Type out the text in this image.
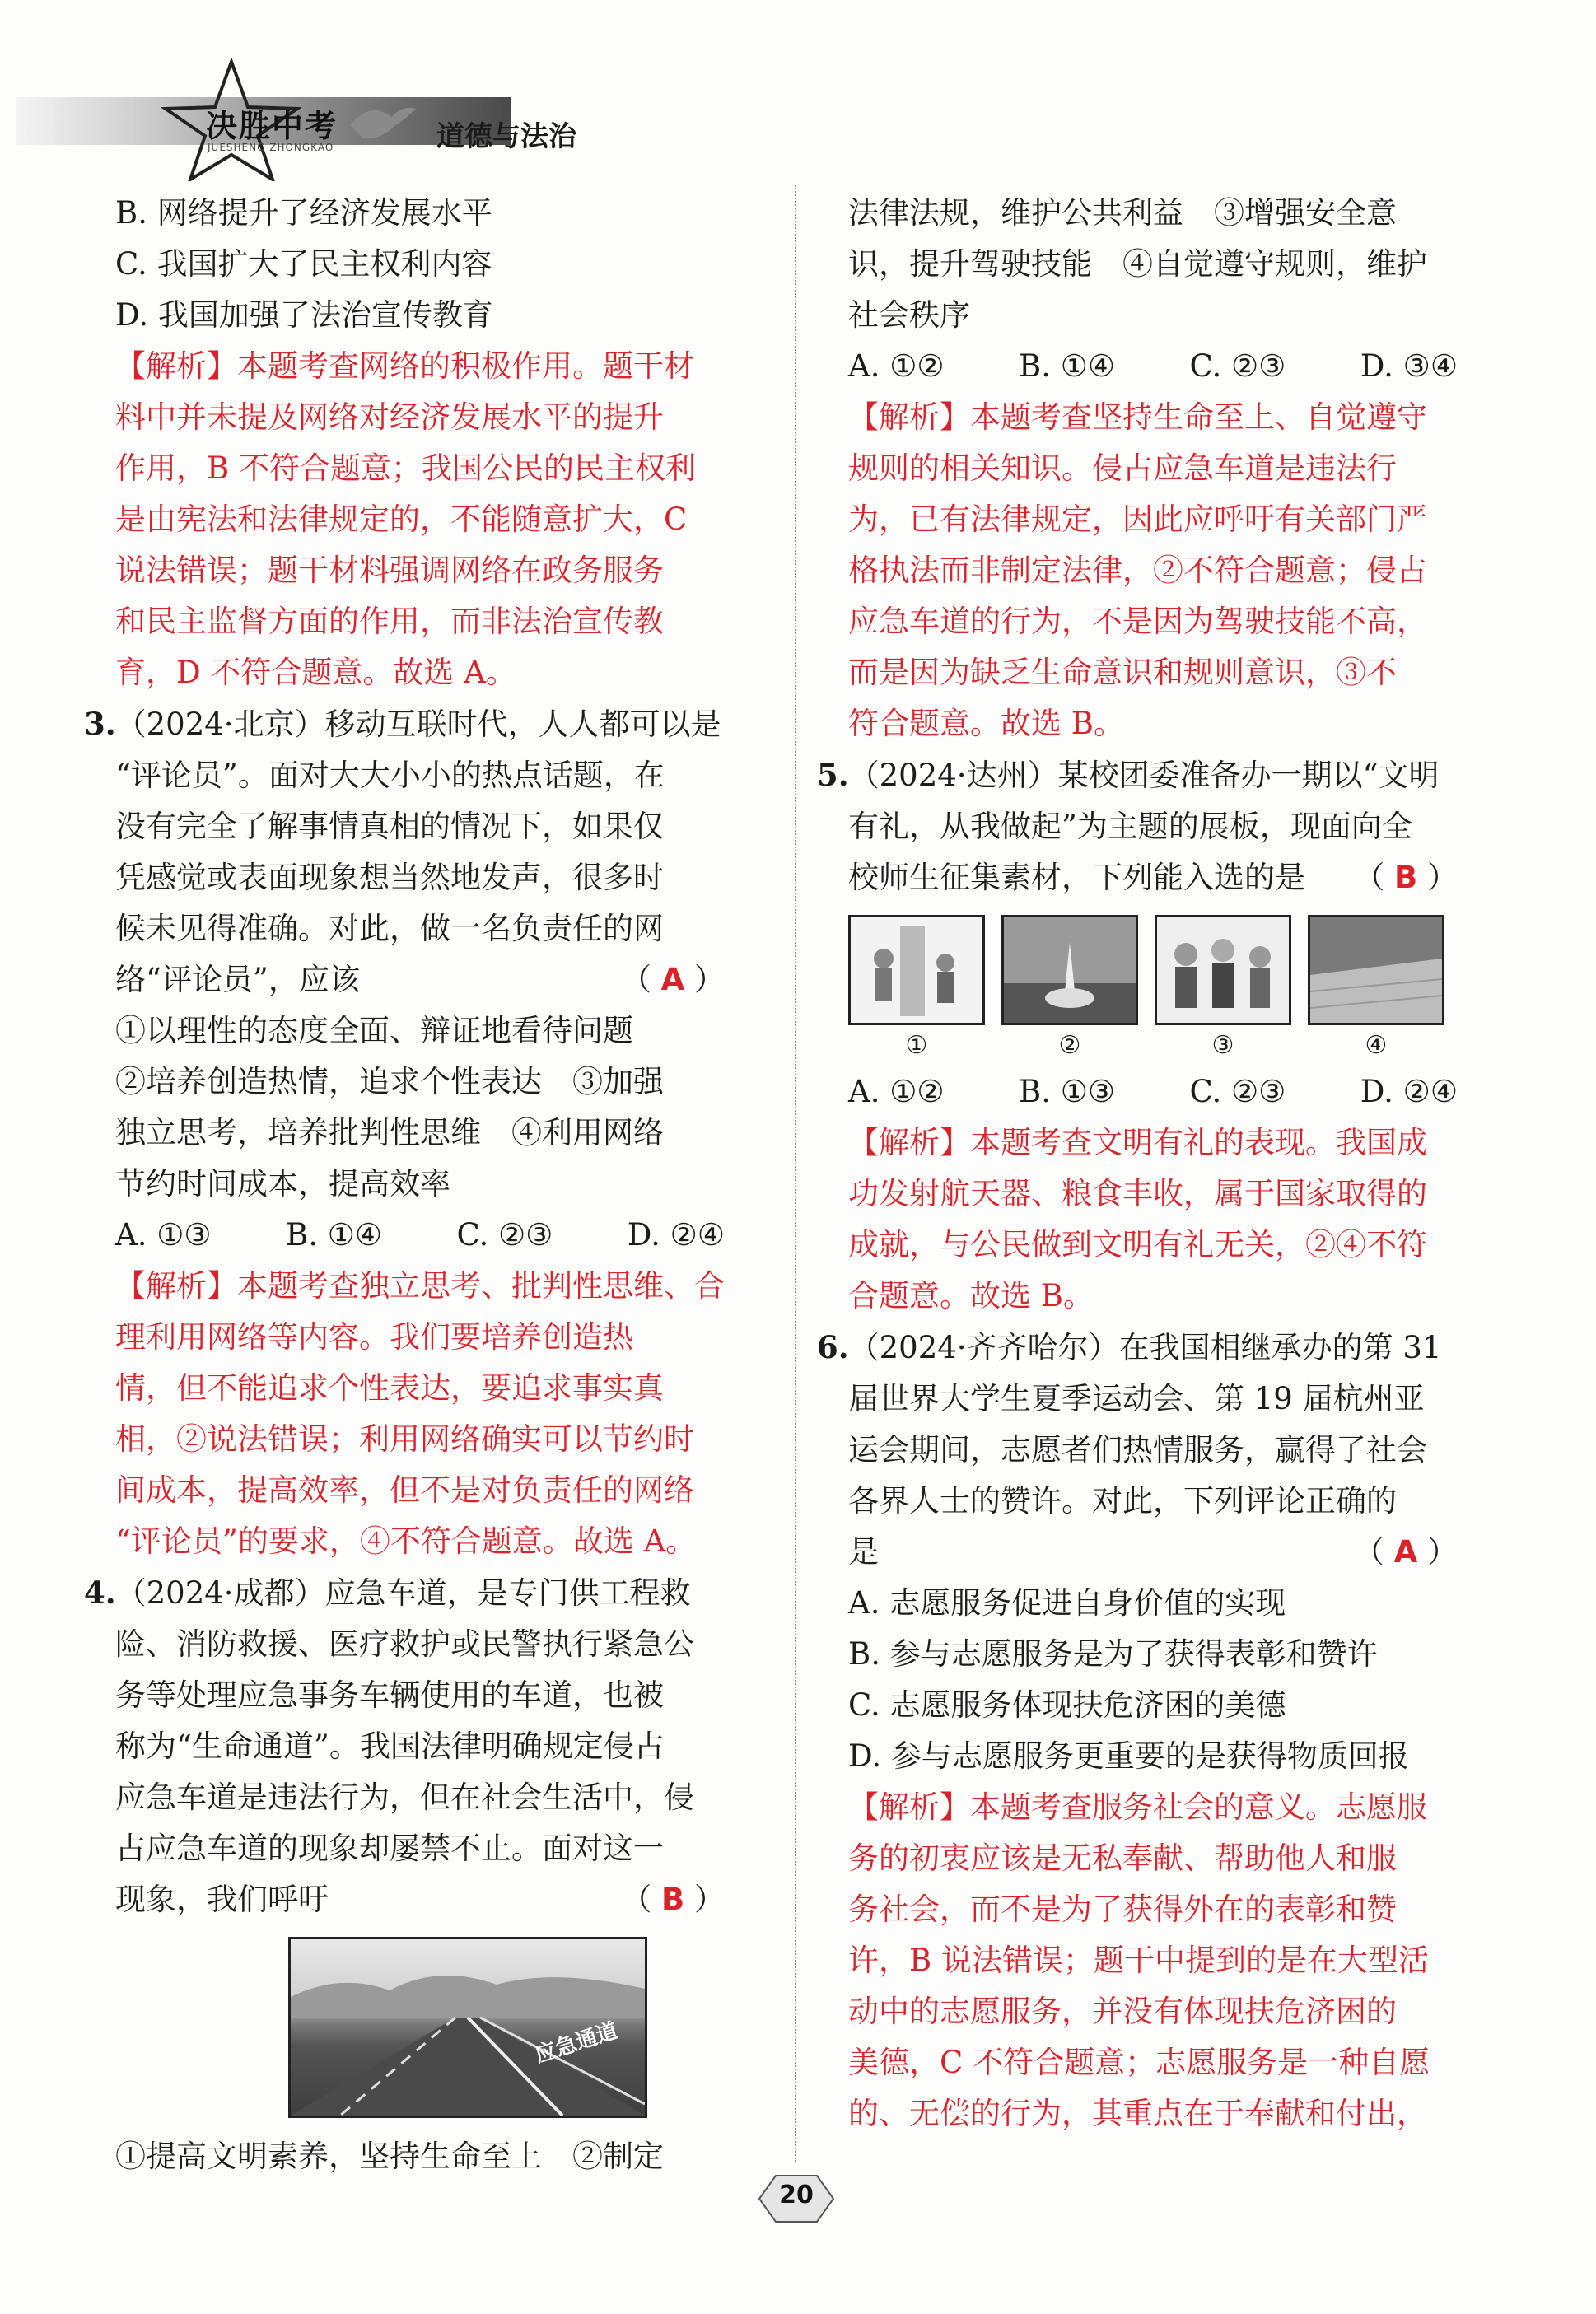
决胜中考
JUESHENG ZHONGKAO	道德与法治
B. 网络提升了经济发展水平
C. 我国扩大了民主权利内容
D. 我国加强了法治宣传教育
【解析】本题考查网络的积极作用。题干材
料中并未提及网络对经济发展水平的提升
作用，B 不符合题意；我国公民的民主权利
是由宪法和法律规定的，不能随意扩大，C
说法错误；题干材料强调网络在政务服务
和民主监督方面的作用，而非法治宣传教
育，D 不符合题意。故选 A。
3.（2024·北京）移动互联时代，人人都可以是
“评论员”。面对大大小小的热点话题，在
没有完全了解事情真相的情况下，如果仅
凭感觉或表面现象想当然地发声，很多时
候未见得准确。对此，做一名负责任的网
络“评论员”，应该	（ A ）
①以理性的态度全面、辩证地看待问题
②培养创造热情，追求个性表达　③加强
独立思考，培养批判性思维　④利用网络
节约时间成本，提高效率
A. ①③ B. ①④ C. ②③ D. ②④
【解析】本题考查独立思考、批判性思维、合
理利用网络等内容。我们要培养创造热
情，但不能追求个性表达，要追求事实真
相，②说法错误；利用网络确实可以节约时
间成本，提高效率，但不是对负责任的网络
“评论员”的要求，④不符合题意。故选 A。
4.（2024·成都）应急车道，是专门供工程救
险、消防救援、医疗救护或民警执行紧急公
务等处理应急事务车辆使用的车道，也被
称为“生命通道”。我国法律明确规定侵占
应急车道是违法行为，但在社会生活中，侵
占应急车道的现象却屡禁不止。面对这一
现象，我们呼吁	（ B ）
应急通道
①提高文明素养，坚持生命至上　②制定
法律法规，维护公共利益　③增强安全意
识，提升驾驶技能　④自觉遵守规则，维护
社会秩序
A. ①② B. ①④ C. ②③ D. ③④
【解析】本题考查坚持生命至上、自觉遵守
规则的相关知识。侵占应急车道是违法行
为，已有法律规定，因此应呼吁有关部门严
格执法而非制定法律，②不符合题意；侵占
应急车道的行为，不是因为驾驶技能不高，
而是因为缺乏生命意识和规则意识，③不
符合题意。故选 B。
5.（2024·达州）某校团委准备办一期以“文明
有礼，从我做起”为主题的展板，现面向全
校师生征集素材，下列能入选的是 （ B ）
①	②	③	④
A. ①② B. ①③ C. ②③ D. ②④
【解析】本题考查文明有礼的表现。我国成
功发射航天器、粮食丰收，属于国家取得的
成就，与公民做到文明有礼无关，②④不符
合题意。故选 B。
6.（2024·齐齐哈尔）在我国相继承办的第 31
届世界大学生夏季运动会、第 19 届杭州亚
运会期间，志愿者们热情服务，赢得了社会
各界人士的赞许。对此，下列评论正确的
是	（ A ）
A. 志愿服务促进自身价值的实现
B. 参与志愿服务是为了获得表彰和赞许
C. 志愿服务体现扶危济困的美德
D. 参与志愿服务更重要的是获得物质回报
【解析】本题考查服务社会的意义。志愿服
务的初衷应该是无私奉献、帮助他人和服
务社会，而不是为了获得外在的表彰和赞
许，B 说法错误；题干中提到的是在大型活
动中的志愿服务，并没有体现扶危济困的
美德，C 不符合题意；志愿服务是一种自愿
的、无偿的行为，其重点在于奉献和付出，
20
